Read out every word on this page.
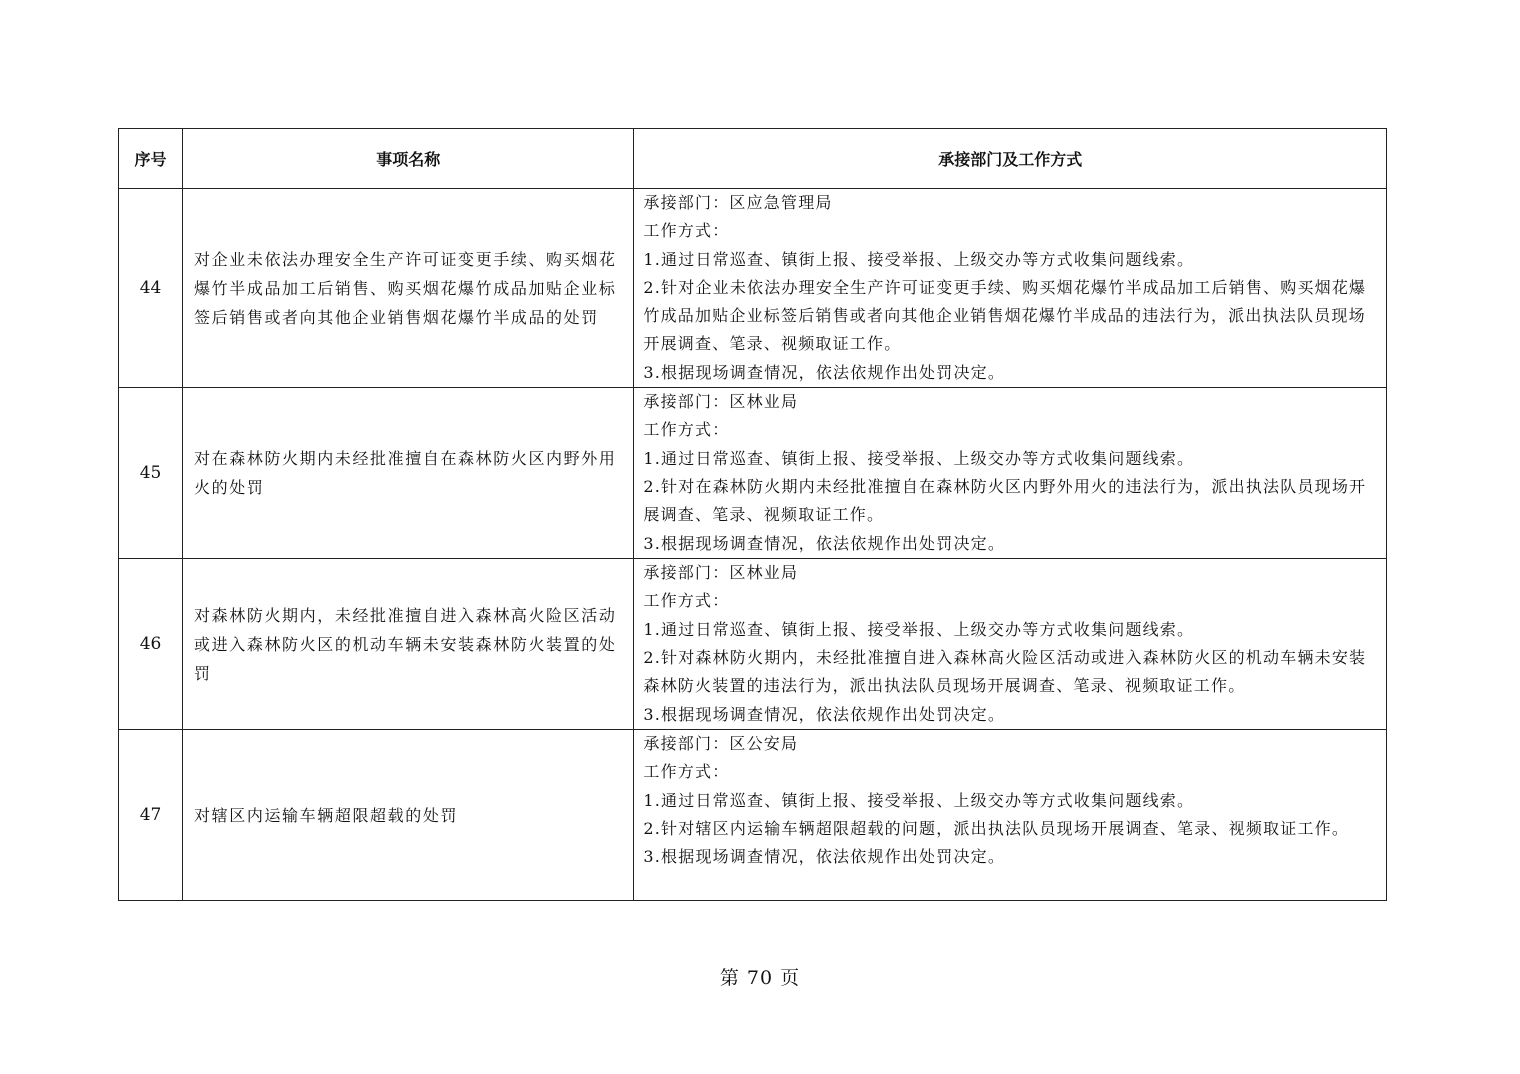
序号	事项名称	承接部门及工作方式
44	对企业未依法办理安全生产许可证变更手续、购买烟花爆竹半成品加工后销售、购买烟花爆竹成品加贴企业标签后销售或者向其他企业销售烟花爆竹半成品的处罚	承接部门：区应急管理局
工作方式：
1.通过日常巡查、镇街上报、接受举报、上级交办等方式收集问题线索。
2.针对企业未依法办理安全生产许可证变更手续、购买烟花爆竹半成品加工后销售、购买烟花爆竹成品加贴企业标签后销售或者向其他企业销售烟花爆竹半成品的违法行为，派出执法队员现场开展调查、笔录、视频取证工作。
3.根据现场调查情况，依法依规作出处罚决定。

45	对在森林防火期内未经批准擅自在森林防火区内野外用火的处罚	承接部门：区林业局
工作方式：
1.通过日常巡查、镇街上报、接受举报、上级交办等方式收集问题线索。
2.针对在森林防火期内未经批准擅自在森林防火区内野外用火的违法行为，派出执法队员现场开展调查、笔录、视频取证工作。
3.根据现场调查情况，依法依规作出处罚决定。

46	对森林防火期内，未经批准擅自进入森林高火险区活动或进入森林防火区的机动车辆未安装森林防火装置的处罚	承接部门：区林业局
工作方式：
1.通过日常巡查、镇街上报、接受举报、上级交办等方式收集问题线索。
2.针对森林防火期内，未经批准擅自进入森林高火险区活动或进入森林防火区的机动车辆未安装森林防火装置的违法行为，派出执法队员现场开展调查、笔录、视频取证工作。
3.根据现场调查情况，依法依规作出处罚决定。

47	对辖区内运输车辆超限超载的处罚	承接部门：区公安局
工作方式：
1.通过日常巡查、镇街上报、接受举报、上级交办等方式收集问题线索。
2.针对辖区内运输车辆超限超载的问题，派出执法队员现场开展调查、笔录、视频取证工作。
3.根据现场调查情况，依法依规作出处罚决定。
第 70 页
